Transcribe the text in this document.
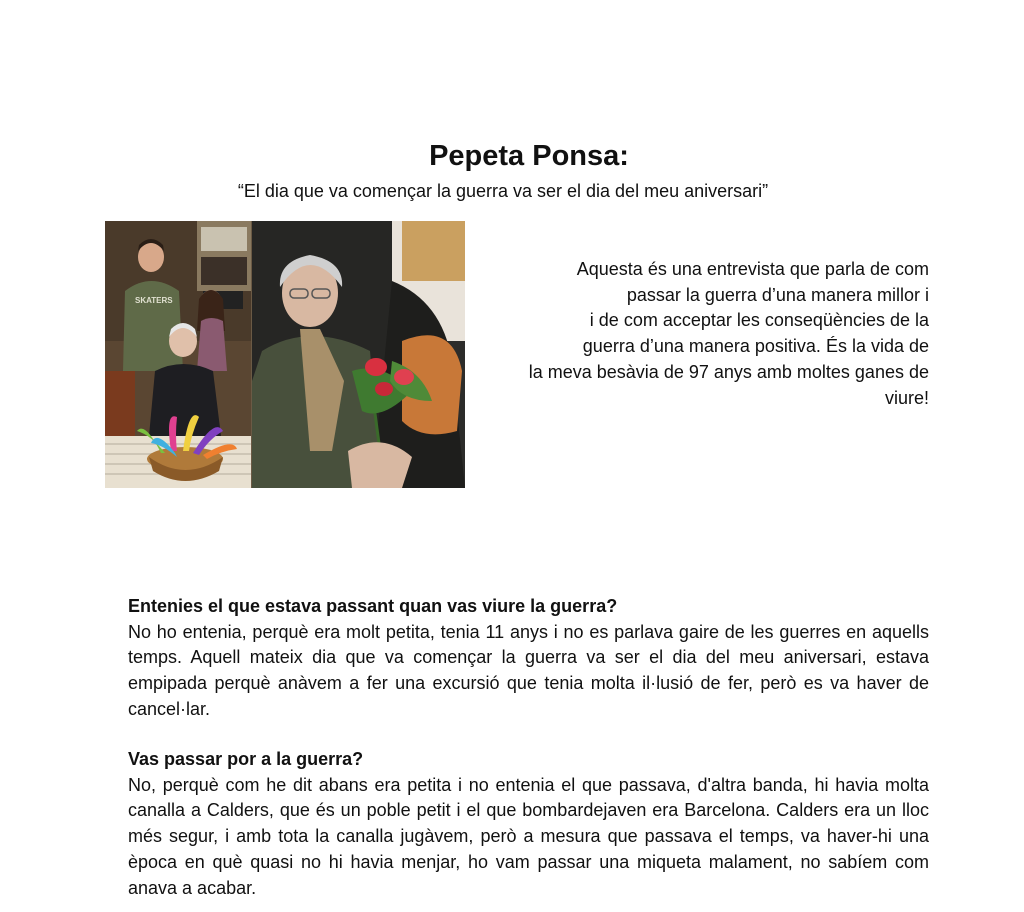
Pepeta Ponsa:

“El dia que va començar la guerra va ser el dia del meu aniversari”

SKATERS

Aquesta és una entrevista que parla de com
passar la guerra d’una manera millor i
i de com acceptar les conseqüències de la
guerra d’una manera positiva. És la vida de
la meva besàvia de 97 anys amb moltes ganes de
viure!

Entenies el que estava passant quan vas viure la guerra?
No ho entenia, perquè era molt petita, tenia 11 anys i no es parlava gaire de les guerres en aquells temps. Aquell mateix dia que va començar la guerra va ser el dia del meu aniversari, estava empipada perquè anàvem a fer una excursió que tenia molta il·lusió de fer, però es va haver de cancel·lar.
Vas passar por a la guerra?
No, perquè com he dit abans era petita i no entenia el que passava, d'altra banda, hi havia molta canalla a Calders, que és un poble petit i el que bombardejaven era Barcelona. Calders era un lloc més segur, i amb tota la canalla jugàvem, però a mesura que passava el temps, va haver-hi una època en què quasi no hi havia menjar, ho vam passar una miqueta malament, no sabíem com anava a acabar.
